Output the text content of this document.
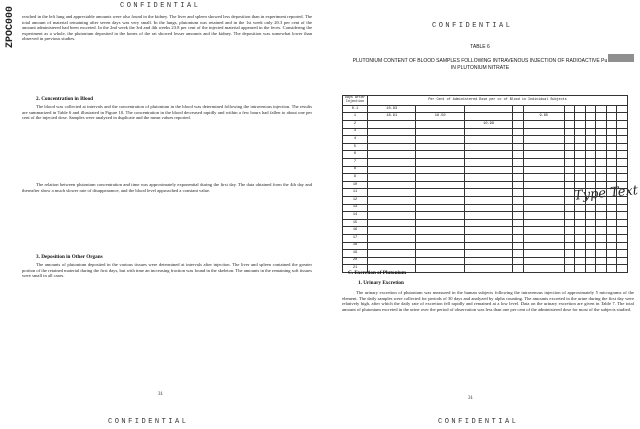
CONFIDENTIAL
ZPOC000	reached in the left lung and appreciable amounts were also found in the kidney. The liver and spleen showed less deposition than in experiment reported. The total amount of material remaining after seven days was very small. In the lungs, plutonium was retained and in the 1st week only 20.3 per cent of the amount administered had been excreted. In the 2nd week the 3rd and 4th weeks 23.8 per cent of the injected material appeared in the feces. Considering the experiment as a whole, the plutonium deposited in the bones of the rat showed lesser amounts and the kidney. The deposition was somewhat lower than observed in previous studies.
2. Concentration in Blood
The blood was collected at intervals and the concentration of plutonium in the blood was determined following the intravenous injection. The results are summarized in Table 6 and illustrated in Figure 10. The concentration in the blood decreased rapidly and within a few hours had fallen to about one per cent of the injected dose. Samples were analyzed in duplicate and the mean values reported.
The relation between plutonium concentration and time was approximately exponential during the first day. The data obtained from the 4th day and thereafter show a much slower rate of disappearance, and the blood level approached a constant value.
3. Deposition in Other Organs
The amounts of plutonium deposited in the various tissues were determined at intervals after injection. The liver and spleen contained the greater portion of the retained material during the first days, but with time an increasing fraction was found in the skeleton. The amounts in the remaining soft tissues were small in all cases.
31
CONFIDENTIAL
CONFIDENTIAL
TABLE 6
PLUTONIUM CONTENT OF BLOOD SAMPLES FOLLOWING INTRAVENOUS INJECTION OF RADIOACTIVE Pu IN PLUTONIUM NITRATE
Days After Injection	Per Cent of Administered Dose per cc of Blood in Individual Subjects										
0.1	10.83										
1	18.91	18.50			9.85						
2			10.98								
3											
4											
5											
6											
7											
8											
9											
10											
11											
12											
13											
14											
15											
16											
17											
18											
19											
20											
21											
Type Text
C. Excretion of Plutonium
1. Urinary Excretion
The urinary excretion of plutonium was measured in the human subjects following the intravenous injection of approximately 5 micrograms of the element. The daily samples were collected for periods of 30 days and analyzed by alpha counting. The amounts excreted in the urine during the first day were relatively high, after which the daily rate of excretion fell rapidly and remained at a low level. Data on the urinary excretion are given in Table 7. The total amount of plutonium excreted in the urine over the period of observation was less than one per cent of the administered dose for most of the subjects studied.
31
CONFIDENTIAL
